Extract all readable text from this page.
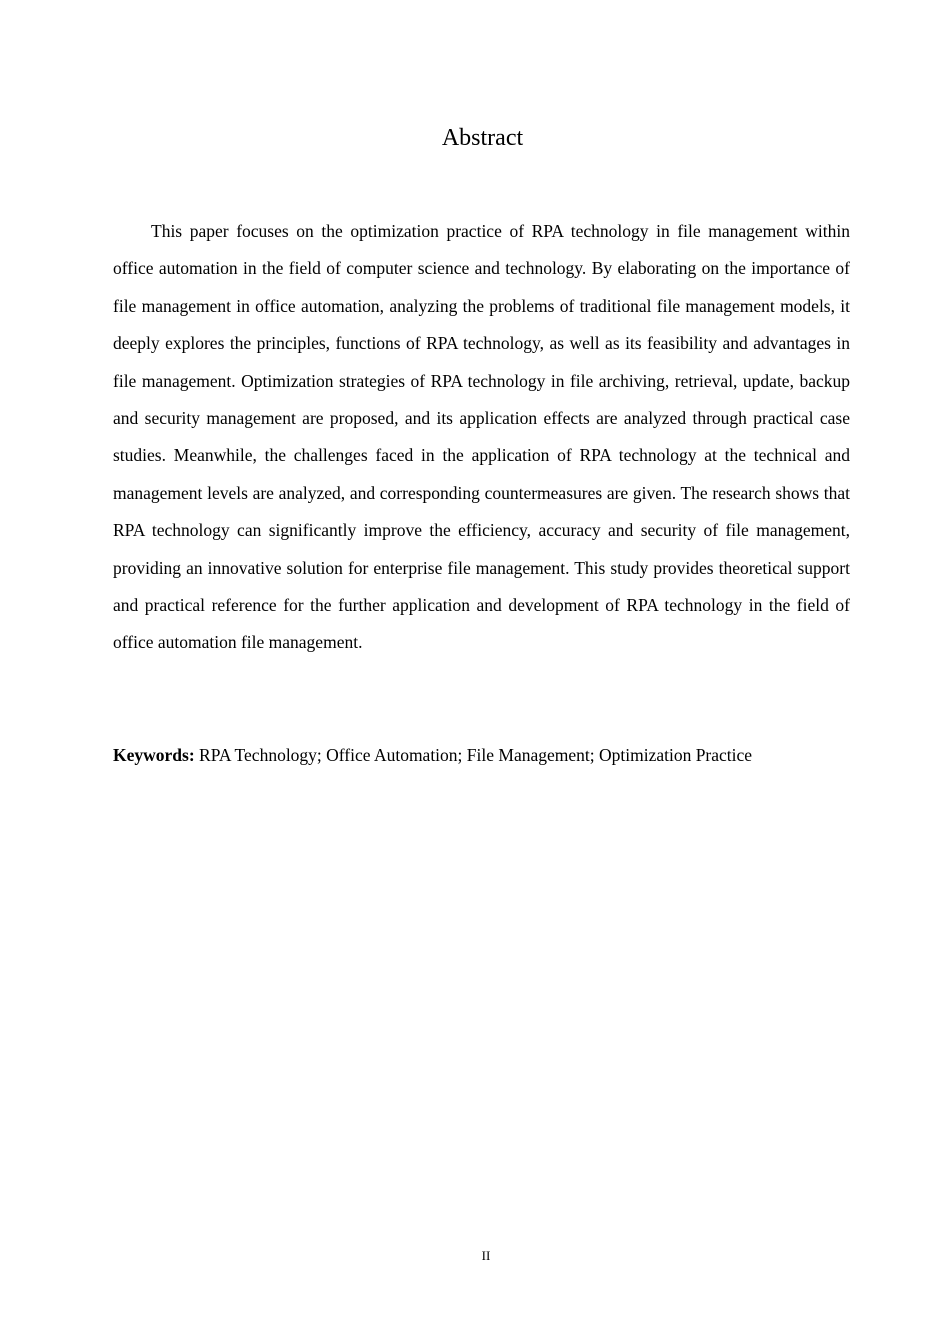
Abstract

This paper focuses on the optimization practice of RPA technology in file management within office automation in the field of computer science and technology. By elaborating on the importance of file management in office automation, analyzing the problems of traditional file management models, it deeply explores the principles, functions of RPA technology, as well as its feasibility and advantages in file management. Optimization strategies of RPA technology in file archiving, retrieval, update, backup and security management are proposed, and its application effects are analyzed through practical case studies. Meanwhile, the challenges faced in the application of RPA technology at the technical and management levels are analyzed, and corresponding countermeasures are given. The research shows that RPA technology can significantly improve the efficiency, accuracy and security of file management, providing an innovative solution for enterprise file management. This study provides theoretical support and practical reference for the further application and development of RPA technology in the field of office automation file management.

Keywords: RPA Technology; Office Automation; File Management; Optimization Practice

II
